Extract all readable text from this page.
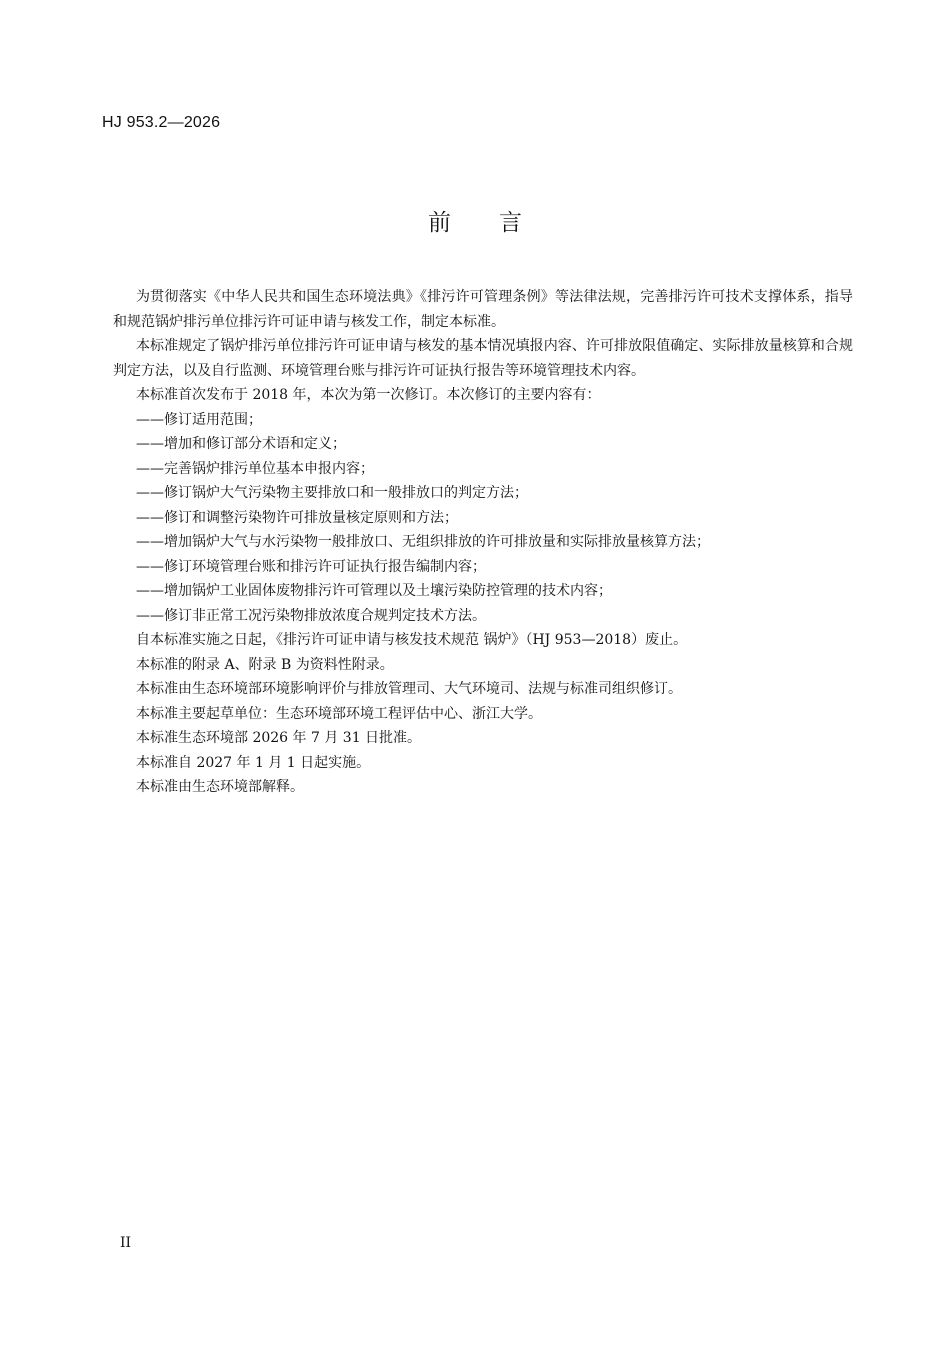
HJ 953.2—2026
前 言

为贯彻落实《中华人民共和国生态环境法典》《排污许可管理条例》等法律法规，完善排污许可技术支撑体系，指导和规范锅炉排污单位排污许可证申请与核发工作，制定本标准。

本标准规定了锅炉排污单位排污许可证申请与核发的基本情况填报内容、许可排放限值确定、实际排放量核算和合规判定方法，以及自行监测、环境管理台账与排污许可证执行报告等环境管理技术内容。

本标准首次发布于 2018 年，本次为第一次修订。本次修订的主要内容有：

——修订适用范围；

——增加和修订部分术语和定义；

——完善锅炉排污单位基本申报内容；

——修订锅炉大气污染物主要排放口和一般排放口的判定方法；

——修订和调整污染物许可排放量核定原则和方法；

——增加锅炉大气与水污染物一般排放口、无组织排放的许可排放量和实际排放量核算方法；

——修订环境管理台账和排污许可证执行报告编制内容；

——增加锅炉工业固体废物排污许可管理以及土壤污染防控管理的技术内容；

——修订非正常工况污染物排放浓度合规判定技术方法。

自本标准实施之日起，《排污许可证申请与核发技术规范 锅炉》（HJ 953—2018）废止。

本标准的附录 A、附录 B 为资料性附录。

本标准由生态环境部环境影响评价与排放管理司、大气环境司、法规与标准司组织修订。

本标准主要起草单位：生态环境部环境工程评估中心、浙江大学。

本标准生态环境部 2026 年 7 月 31 日批准。

本标准自 2027 年 1 月 1 日起实施。

本标准由生态环境部解释。

II
